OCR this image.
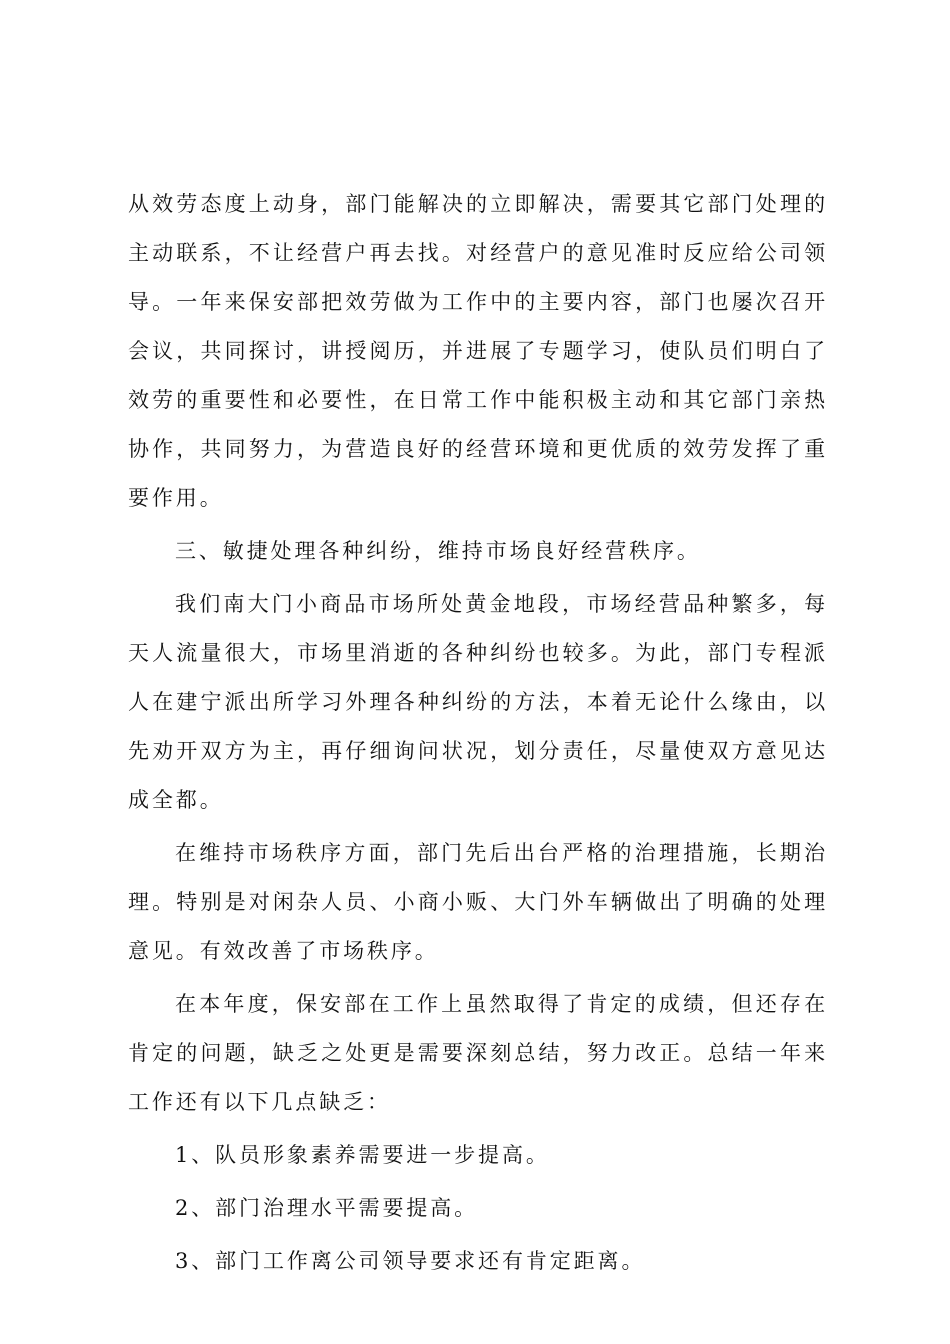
从效劳态度上动身，部门能解决的立即解决，需要其它部门处理的主动联系，不让经营户再去找。对经营户的意见准时反应给公司领导。一年来保安部把效劳做为工作中的主要内容，部门也屡次召开会议，共同探讨，讲授阅历，并进展了专题学习，使队员们明白了效劳的重要性和必要性，在日常工作中能积极主动和其它部门亲热协作，共同努力，为营造良好的经营环境和更优质的效劳发挥了重要作用。

三、敏捷处理各种纠纷，维持市场良好经营秩序。

我们南大门小商品市场所处黄金地段，市场经营品种繁多，每天人流量很大，市场里消逝的各种纠纷也较多。为此，部门专程派人在建宁派出所学习外理各种纠纷的方法，本着无论什么缘由，以先劝开双方为主，再仔细询问状况，划分责任，尽量使双方意见达成全都。

在维持市场秩序方面，部门先后出台严格的治理措施，长期治理。特别是对闲杂人员、小商小贩、大门外车辆做出了明确的处理意见。有效改善了市场秩序。

在本年度，保安部在工作上虽然取得了肯定的成绩，但还存在肯定的问题，缺乏之处更是需要深刻总结，努力改正。总结一年来工作还有以下几点缺乏：

1、队员形象素养需要进一步提高。

2、部门治理水平需要提高。

3、部门工作离公司领导要求还有肯定距离。
